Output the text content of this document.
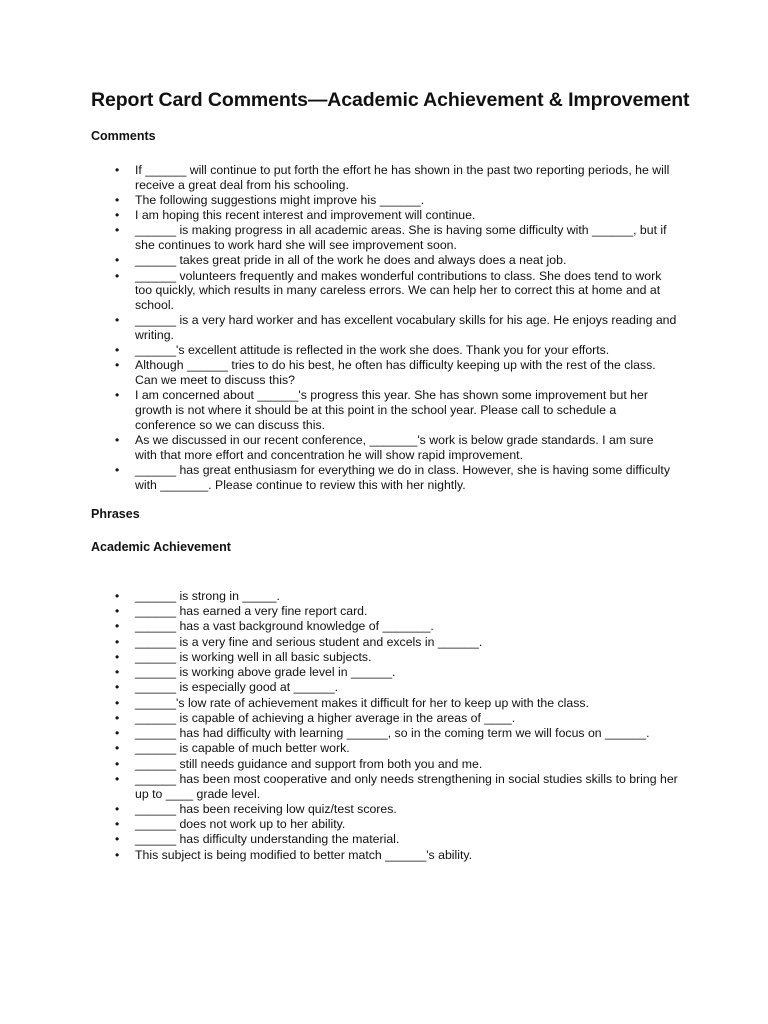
Report Card Comments—Academic Achievement & Improvement
Comments
• If ______ will continue to put forth the effort he has shown in the past two reporting periods, he will receive a great deal from his schooling.
• The following suggestions might improve his ______.
• I am hoping this recent interest and improvement will continue.
• ______ is making progress in all academic areas. She is having some difficulty with ______, but if she continues to work hard she will see improvement soon.
• ______ takes great pride in all of the work he does and always does a neat job.
• ______ volunteers frequently and makes wonderful contributions to class. She does tend to work too quickly, which results in many careless errors. We can help her to correct this at home and at school.
• ______ is a very hard worker and has excellent vocabulary skills for his age. He enjoys reading and writing.
• ______'s excellent attitude is reflected in the work she does. Thank you for your efforts.
• Although ______ tries to do his best, he often has difficulty keeping up with the rest of the class. Can we meet to discuss this?
• I am concerned about ______'s progress this year. She has shown some improvement but her growth is not where it should be at this point in the school year. Please call to schedule a conference so we can discuss this.
• As we discussed in our recent conference, _______'s work is below grade standards. I am sure with that more effort and concentration he will show rapid improvement.
• ______ has great enthusiasm for everything we do in class. However, she is having some difficulty with _______. Please continue to review this with her nightly.
Phrases
Academic Achievement
• ______ is strong in _____.
• ______ has earned a very fine report card.
• ______ has a vast background knowledge of _______.
• ______ is a very fine and serious student and excels in ______.
• ______ is working well in all basic subjects.
• ______ is working above grade level in ______.
• ______ is especially good at ______.
• ______'s low rate of achievement makes it difficult for her to keep up with the class.
• ______ is capable of achieving a higher average in the areas of ____.
• ______ has had difficulty with learning ______, so in the coming term we will focus on ______.
• ______ is capable of much better work.
• ______ still needs guidance and support from both you and me.
• ______ has been most cooperative and only needs strengthening in social studies skills to bring her up to ____ grade level.
• ______ has been receiving low quiz/test scores.
• ______ does not work up to her ability.
• ______ has difficulty understanding the material.
• This subject is being modified to better match ______'s ability.
